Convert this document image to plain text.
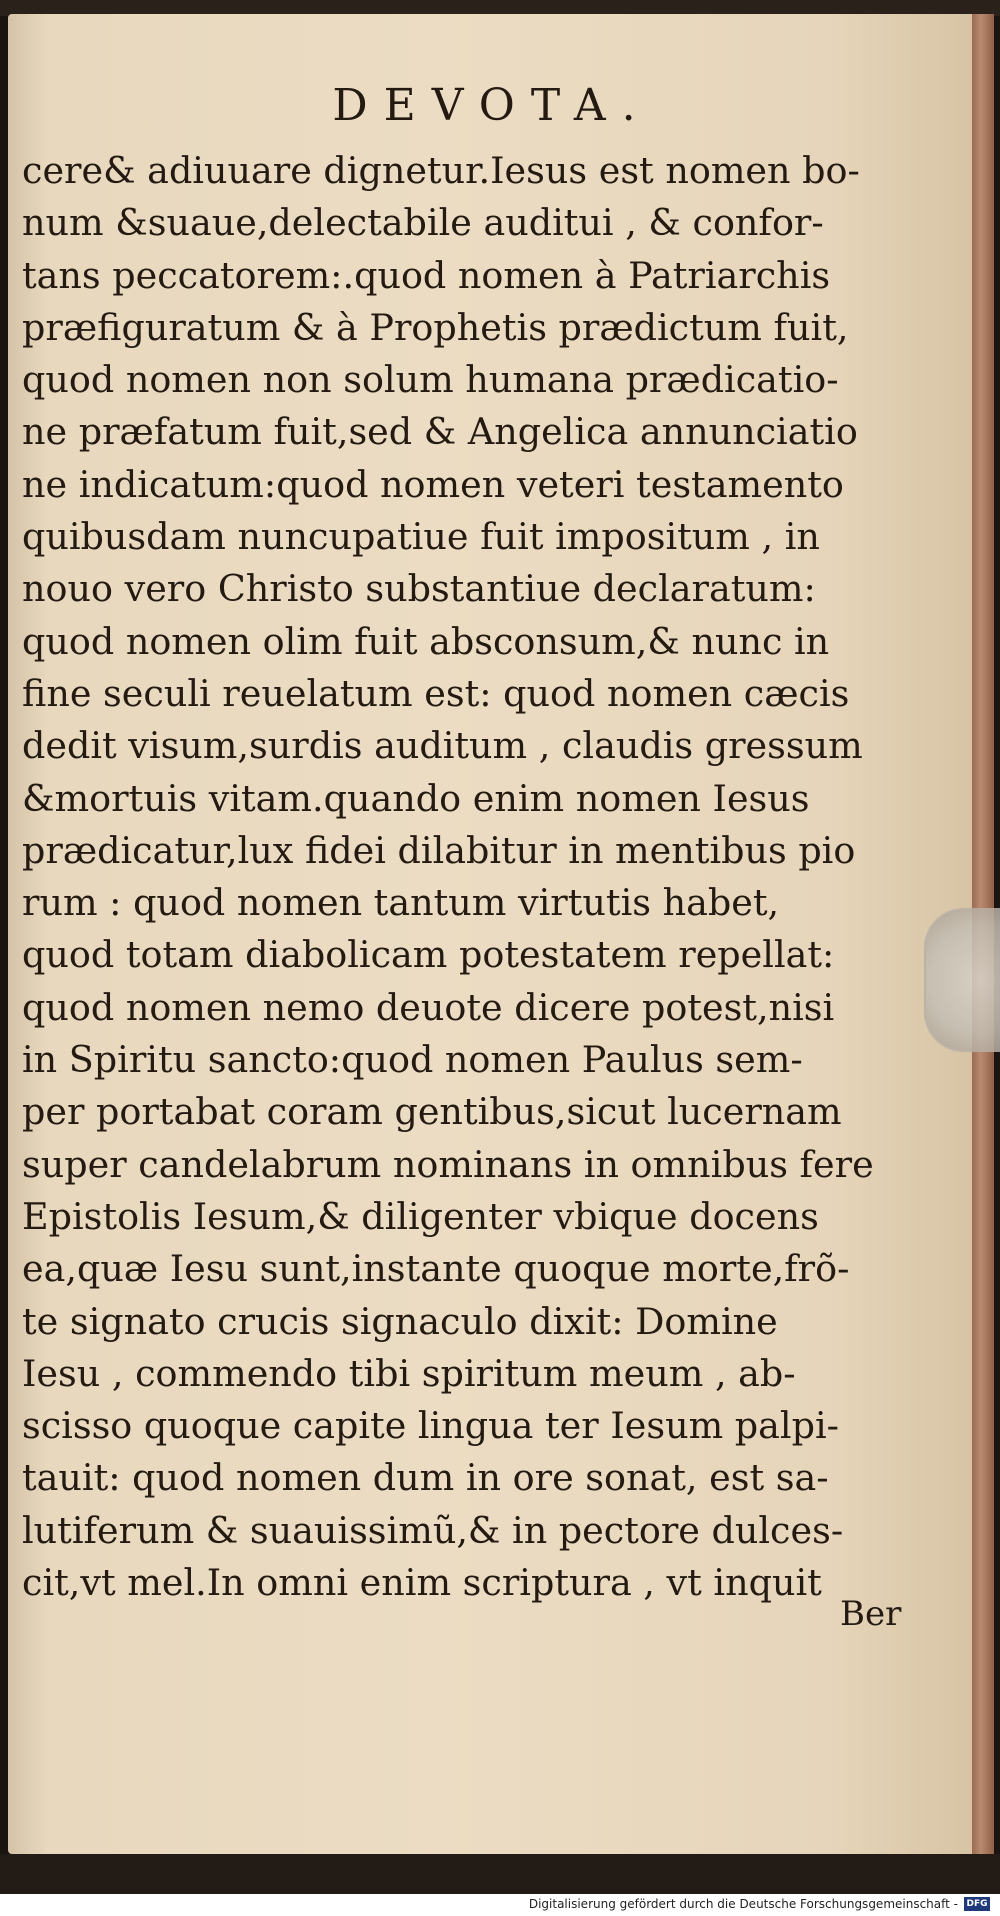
DEVOTA.
cere& adiuuare dignetur.Iesus est nomen bo-
num &suaue,delectabile auditui , & confor-
tans peccatorem:.quod nomen à Patriarchis
præfiguratum & à Prophetis prædictum fuit,
quod nomen non solum humana prædicatio-
ne præfatum fuit,sed & Angelica annunciatio
ne indicatum:quod nomen veteri testamento
quibusdam nuncupatiue fuit impositum , in
nouo vero Christo substantiue declaratum:
quod nomen olim fuit absconsum,& nunc in
fine seculi reuelatum est: quod nomen cæcis
dedit visum,surdis auditum , claudis gressum
&mortuis vitam.quando enim nomen Iesus
prædicatur,lux fidei dilabitur in mentibus pio
rum : quod nomen tantum virtutis habet,
quod totam diabolicam potestatem repellat:
quod nomen nemo deuote dicere potest,nisi
in Spiritu sancto:quod nomen Paulus sem-
per portabat coram gentibus,sicut lucernam
super candelabrum nominans in omnibus fere
Epistolis Iesum,& diligenter vbique docens
ea,quæ Iesu sunt,instante quoque morte,frõ-
te signato crucis signaculo dixit: Domine
Iesu , commendo tibi spiritum meum , ab-
scisso quoque capite lingua ter Iesum palpi-
tauit: quod nomen dum in ore sonat, est sa-
lutiferum & suauissimũ,& in pectore dulces-
cit,vt mel.In omni enim scriptura , vt inquit
Ber
Digitalisierung gefördert durch die Deutsche Forschungsgemeinschaft - DFG
